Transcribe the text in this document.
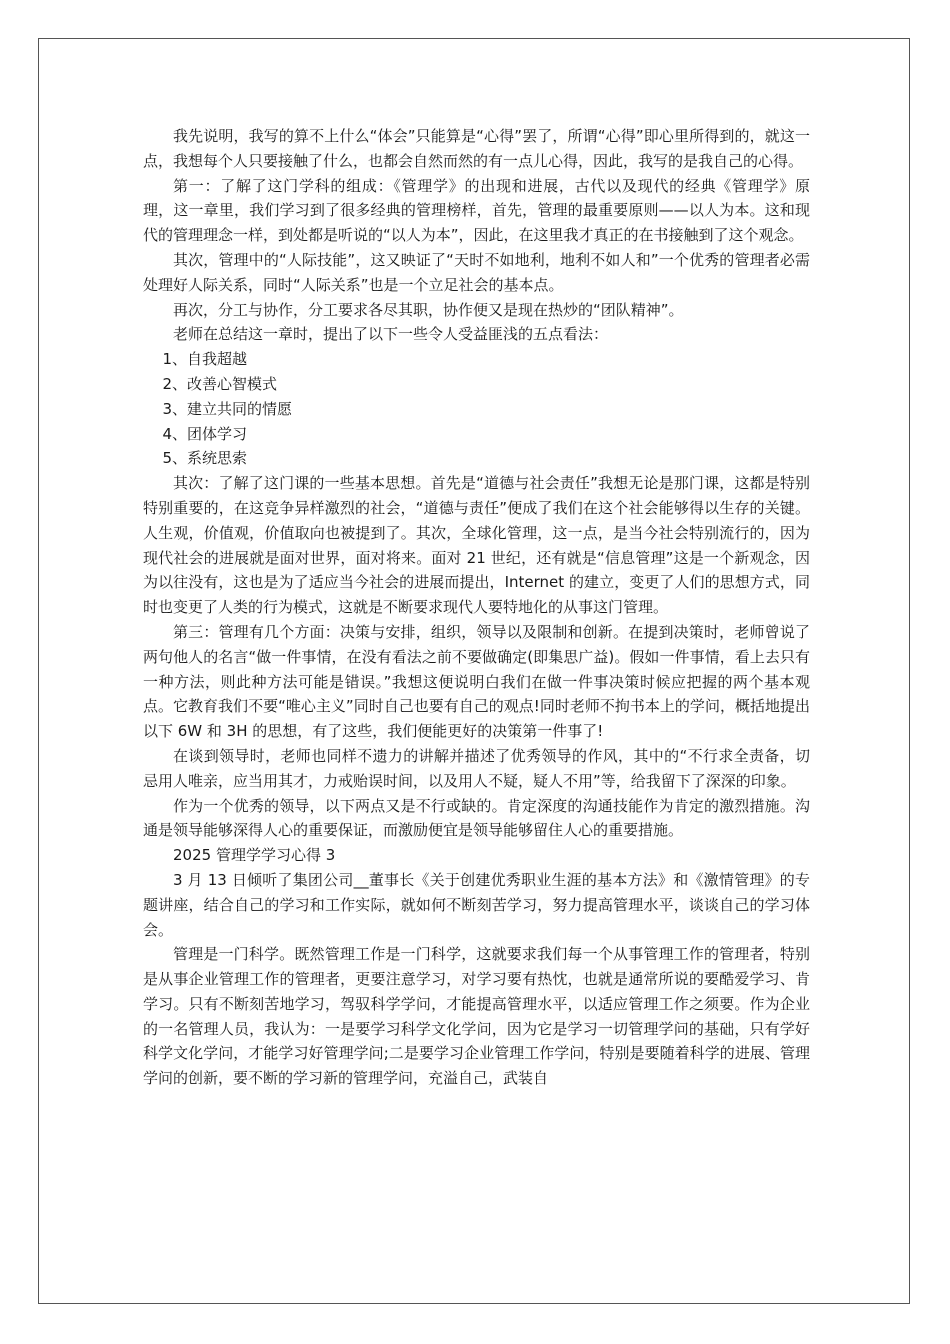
我先说明，我写的算不上什么“体会”只能算是“心得”罢了，所谓“心得”即心里所得到的，就这一点，我想每个人只要接触了什么，也都会自然而然的有一点儿心得，因此，我写的是我自己的心得。

第一：了解了这门学科的组成：《管理学》的出现和进展，古代以及现代的经典《管理学》原理，这一章里，我们学习到了很多经典的管理榜样，首先，管理的最重要原则——以人为本。这和现代的管理理念一样，到处都是听说的“以人为本”，因此，在这里我才真正的在书接触到了这个观念。

其次，管理中的“人际技能”，这又映证了“天时不如地利，地利不如人和”一个优秀的管理者必需处理好人际关系，同时“人际关系”也是一个立足社会的基本点。

再次，分工与协作，分工要求各尽其职，协作便又是现在热炒的“团队精神”。

老师在总结这一章时，提出了以下一些令人受益匪浅的五点看法：

1、自我超越

2、改善心智模式

3、建立共同的情愿

4、团体学习

5、系统思索

其次：了解了这门课的一些基本思想。首先是“道德与社会责任”我想无论是那门课，这都是特别特别重要的，在这竞争异样激烈的社会，“道德与责任”便成了我们在这个社会能够得以生存的关键。人生观，价值观，价值取向也被提到了。其次，全球化管理，这一点，是当今社会特别流行的，因为现代社会的进展就是面对世界，面对将来。面对 21 世纪，还有就是“信息管理”这是一个新观念，因为以往没有，这也是为了适应当今社会的进展而提出，Internet 的建立，变更了人们的思想方式，同时也变更了人类的行为模式，这就是不断要求现代人要特地化的从事这门管理。

第三：管理有几个方面：决策与安排，组织，领导以及限制和创新。在提到决策时，老师曾说了两句他人的名言“做一件事情，在没有看法之前不要做确定(即集思广益)。假如一件事情，看上去只有一种方法，则此种方法可能是错误。”我想这便说明白我们在做一件事决策时候应把握的两个基本观点。它教育我们不要“唯心主义”同时自己也要有自己的观点!同时老师不拘书本上的学问，概括地提出以下 6W 和 3H 的思想，有了这些，我们便能更好的决策第一件事了!

在谈到领导时，老师也同样不遗力的讲解并描述了优秀领导的作风，其中的“不行求全责备，切忌用人唯亲，应当用其才，力戒贻误时间，以及用人不疑，疑人不用”等，给我留下了深深的印象。

作为一个优秀的领导，以下两点又是不行或缺的。肯定深度的沟通技能作为肯定的激烈措施。沟通是领导能够深得人心的重要保证，而激励便宜是领导能够留住人心的重要措施。

2025 管理学学习心得 3

3 月 13 日倾听了集团公司__董事长《关于创建优秀职业生涯的基本方法》和《激情管理》的专题讲座，结合自己的学习和工作实际，就如何不断刻苦学习，努力提高管理水平，谈谈自己的学习体会。

管理是一门科学。既然管理工作是一门科学，这就要求我们每一个从事管理工作的管理者，特别是从事企业管理工作的管理者，更要注意学习，对学习要有热忱，也就是通常所说的要酷爱学习、肯学习。只有不断刻苦地学习，驾驭科学学问，才能提高管理水平，以适应管理工作之须要。作为企业的一名管理人员，我认为：一是要学习科学文化学问，因为它是学习一切管理学问的基础，只有学好科学文化学问，才能学习好管理学问;二是要学习企业管理工作学问，特别是要随着科学的进展、管理学问的创新，要不断的学习新的管理学问，充溢自己，武装自
